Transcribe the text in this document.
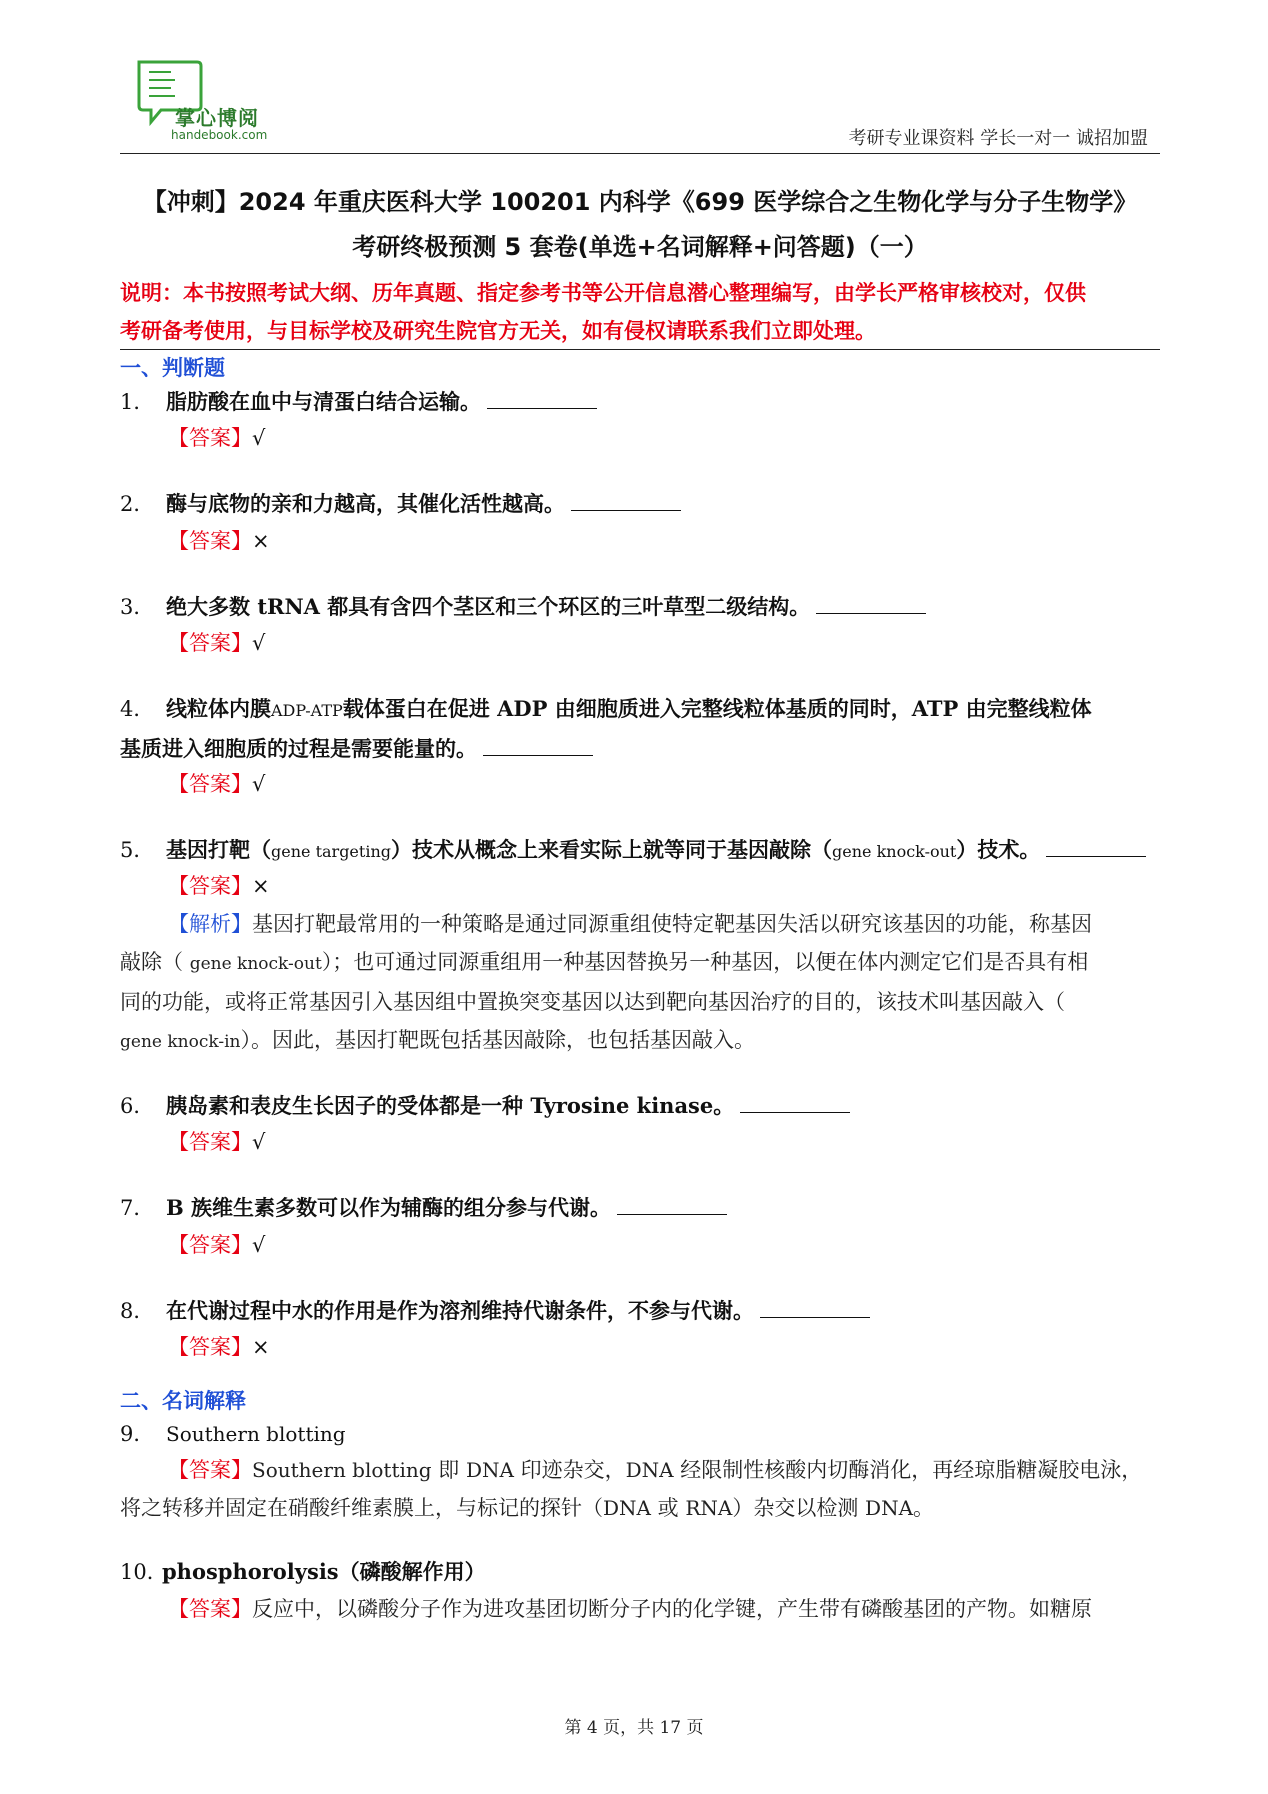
掌心博阅
handebook.com	考研专业课资料 学长一对一 诚招加盟
【冲刺】2024 年重庆医科大学 100201 内科学《699 医学综合之生物化学与分子生物学》
考研终极预测 5 套卷(单选+名词解释+问答题)（一）
说明：本书按照考试大纲、历年真题、指定参考书等公开信息潜心整理编写，由学长严格审核校对，仅供
考研备考使用，与目标学校及研究生院官方无关，如有侵权请联系我们立即处理。
一、判断题
1． 脂肪酸在血中与清蛋白结合运输。
【答案】√
2． 酶与底物的亲和力越高，其催化活性越高。
【答案】×
3． 绝大多数 tRNA 都具有含四个茎区和三个环区的三叶草型二级结构。
【答案】√
4． 线粒体内膜ADP-ATP载体蛋白在促进 ADP 由细胞质进入完整线粒体基质的同时，ATP 由完整线粒体
基质进入细胞质的过程是需要能量的。
【答案】√
5． 基因打靶（gene targeting）技术从概念上来看实际上就等同于基因敲除（gene knock-out）技术。
【答案】×
【解析】基因打靶最常用的一种策略是通过同源重组使特定靶基因失活以研究该基因的功能，称基因
敲除（ gene knock-out）；也可通过同源重组用一种基因替换另一种基因，以便在体内测定它们是否具有相
同的功能，或将正常基因引入基因组中置换突变基因以达到靶向基因治疗的目的，该技术叫基因敲入（
gene knock-in）。因此，基因打靶既包括基因敲除，也包括基因敲入。
6． 胰岛素和表皮生长因子的受体都是一种 Tyrosine kinase。
【答案】√
7． B 族维生素多数可以作为辅酶的组分参与代谢。
【答案】√
8． 在代谢过程中水的作用是作为溶剂维持代谢条件，不参与代谢。
【答案】×
二、名词解释
9． Southern blotting
【答案】Southern blotting 即 DNA 印迹杂交，DNA 经限制性核酸内切酶消化，再经琼脂糖凝胶电泳，
将之转移并固定在硝酸纤维素膜上，与标记的探针（DNA 或 RNA）杂交以检测 DNA。
10．phosphorolysis（磷酸解作用）
【答案】反应中，以磷酸分子作为进攻基团切断分子内的化学键，产生带有磷酸基团的产物。如糖原
第 4 页，共 17 页
